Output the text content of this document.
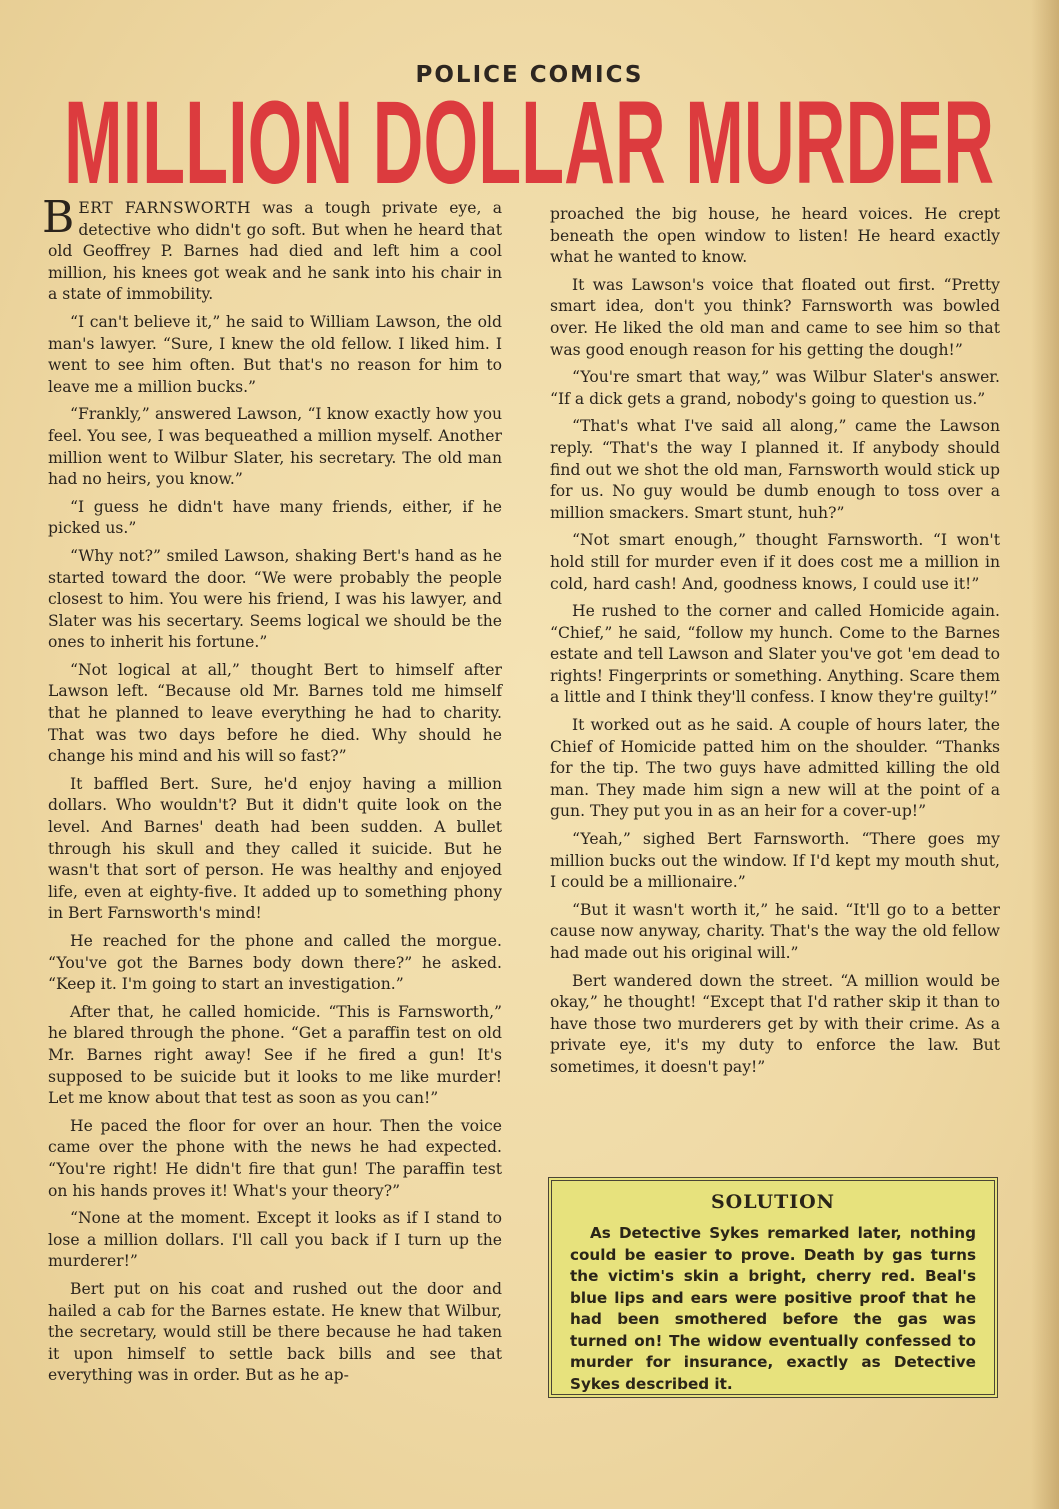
POLICE COMICS
MILLION DOLLAR MURDER

BERT FARNSWORTH was a tough private eye, a detective who didn't go soft. But when he heard that old Geoffrey P. Barnes had died and left him a cool million, his knees got weak and he sank into his chair in a state of immobility.

“I can't believe it,” he said to William Lawson, the old man's lawyer. “Sure, I knew the old fellow. I liked him. I went to see him often. But that's no reason for him to leave me a million bucks.”

“Frankly,” answered Lawson, “I know exactly how you feel. You see, I was bequeathed a million myself. Another million went to Wilbur Slater, his secretary. The old man had no heirs, you know.”

“I guess he didn't have many friends, either, if he picked us.”

“Why not?” smiled Lawson, shaking Bert's hand as he started toward the door. “We were probably the people closest to him. You were his friend, I was his lawyer, and Slater was his secertary. Seems logical we should be the ones to inherit his fortune.”

“Not logical at all,” thought Bert to himself after Lawson left. “Because old Mr. Barnes told me himself that he planned to leave everything he had to charity. That was two days before he died. Why should he change his mind and his will so fast?”

It baffled Bert. Sure, he'd enjoy having a million dollars. Who wouldn't? But it didn't quite look on the level. And Barnes' death had been sudden. A bullet through his skull and they called it suicide. But he wasn't that sort of person. He was healthy and enjoyed life, even at eighty-five. It added up to something phony in Bert Farnsworth's mind!

He reached for the phone and called the morgue. “You've got the Barnes body down there?” he asked. “Keep it. I'm going to start an investigation.”

After that, he called homicide. “This is Farnsworth,” he blared through the phone. “Get a paraffin test on old Mr. Barnes right away! See if he fired a gun! It's supposed to be suicide but it looks to me like murder! Let me know about that test as soon as you can!”

He paced the floor for over an hour. Then the voice came over the phone with the news he had expected. “You're right! He didn't fire that gun! The paraffin test on his hands proves it! What's your theory?”

“None at the moment. Except it looks as if I stand to lose a million dollars. I'll call you back if I turn up the murderer!”

Bert put on his coat and rushed out the door and hailed a cab for the Barnes estate. He knew that Wilbur, the secretary, would still be there because he had taken it upon himself to settle back bills and see that everything was in order. But as he ap-

proached the big house, he heard voices. He crept beneath the open window to listen! He heard exactly what he wanted to know.

It was Lawson's voice that floated out first. “Pretty smart idea, don't you think? Farnsworth was bowled over. He liked the old man and came to see him so that was good enough reason for his getting the dough!”

“You're smart that way,” was Wilbur Slater's answer. “If a dick gets a grand, nobody's going to question us.”

“That's what I've said all along,” came the Lawson reply. “That's the way I planned it. If anybody should find out we shot the old man, Farnsworth would stick up for us. No guy would be dumb enough to toss over a million smackers. Smart stunt, huh?”

“Not smart enough,” thought Farnsworth. “I won't hold still for murder even if it does cost me a million in cold, hard cash! And, goodness knows, I could use it!”

He rushed to the corner and called Homicide again. “Chief,” he said, “follow my hunch. Come to the Barnes estate and tell Lawson and Slater you've got 'em dead to rights! Fingerprints or something. Anything. Scare them a little and I think they'll confess. I know they're guilty!”

It worked out as he said. A couple of hours later, the Chief of Homicide patted him on the shoulder. “Thanks for the tip. The two guys have admitted killing the old man. They made him sign a new will at the point of a gun. They put you in as an heir for a cover-up!”

“Yeah,” sighed Bert Farnsworth. “There goes my million bucks out the window. If I'd kept my mouth shut, I could be a millionaire.”

“But it wasn't worth it,” he said. “It'll go to a better cause now anyway, charity. That's the way the old fellow had made out his original will.”

Bert wandered down the street. “A million would be okay,” he thought! “Except that I'd rather skip it than to have those two murderers get by with their crime. As a private eye, it's my duty to enforce the law. But sometimes, it doesn't pay!”

SOLUTION

As Detective Sykes remarked later, nothing could be easier to prove. Death by gas turns the victim's skin a bright, cherry red. Beal's blue lips and ears were positive proof that he had been smothered before the gas was turned on! The widow eventually confessed to murder for insurance, exactly as Detective Sykes described it.
